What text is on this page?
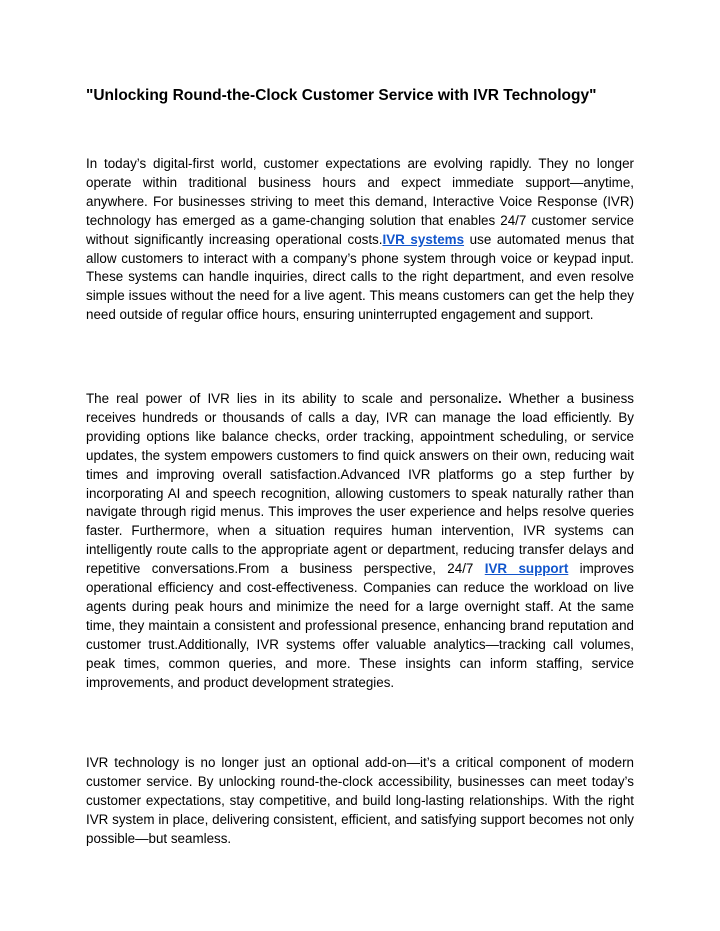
"Unlocking Round-the-Clock Customer Service with IVR Technology"

In today’s digital-first world, customer expectations are evolving rapidly. They no longer operate within traditional business hours and expect immediate support—anytime, anywhere. For businesses striving to meet this demand, Interactive Voice Response (IVR) technology has emerged as a game-changing solution that enables 24/7 customer service without significantly increasing operational costs.IVR systems use automated menus that allow customers to interact with a company’s phone system through voice or keypad input. These systems can handle inquiries, direct calls to the right department, and even resolve simple issues without the need for a live agent. This means customers can get the help they need outside of regular office hours, ensuring uninterrupted engagement and support.

The real power of IVR lies in its ability to scale and personalize. Whether a business receives hundreds or thousands of calls a day, IVR can manage the load efficiently. By providing options like balance checks, order tracking, appointment scheduling, or service updates, the system empowers customers to find quick answers on their own, reducing wait times and improving overall satisfaction.Advanced IVR platforms go a step further by incorporating AI and speech recognition, allowing customers to speak naturally rather than navigate through rigid menus. This improves the user experience and helps resolve queries faster. Furthermore, when a situation requires human intervention, IVR systems can intelligently route calls to the appropriate agent or department, reducing transfer delays and repetitive conversations.From a business perspective, 24/7 IVR support improves operational efficiency and cost-effectiveness. Companies can reduce the workload on live agents during peak hours and minimize the need for a large overnight staff. At the same time, they maintain a consistent and professional presence, enhancing brand reputation and customer trust.Additionally, IVR systems offer valuable analytics—tracking call volumes, peak times, common queries, and more. These insights can inform staffing, service improvements, and product development strategies.

IVR technology is no longer just an optional add-on—it’s a critical component of modern customer service. By unlocking round-the-clock accessibility, businesses can meet today’s customer expectations, stay competitive, and build long-lasting relationships. With the right IVR system in place, delivering consistent, efficient, and satisfying support becomes not only possible—but seamless.
